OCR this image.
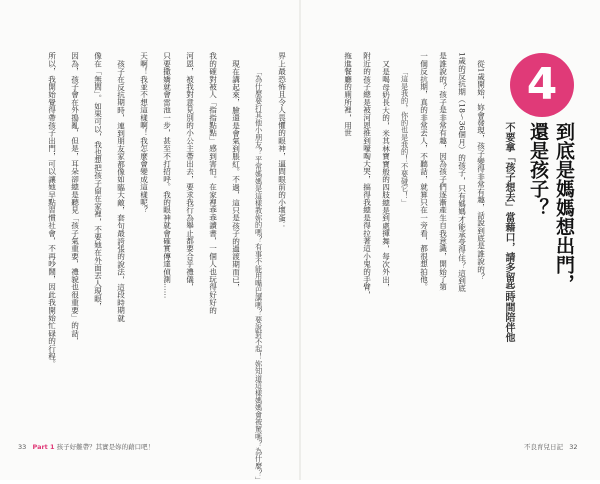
從1歲開始，妳會發現，孩子變得非常有趣，話說到底是誰說的？
1歲的反抗期（18～36個月）的孩子，只有媽媽才能承受得住？這到底
是誰說的？孩子是非常有趣，因為孩子們逐漸產生自我意識，開始了第
一個反抗期，真的非常丟人，不聽話，就算只在一旁看，都很想拍他。
「這是我的，你的也是我的！不要碰它！」
又是喝母奶長大的，米其林寶寶般的四肢總是到處揮舞，每次外出，
附近的孩子總是被河恩推到嚎啕大哭，搞得我總是得拉著這小鬼的手臂，
拖進餐廳的廁所裡，用世	4
到底是媽媽想出門，
還是孩子？
不要拿「孩子想去」當藉口，請多留些時間陪伴他
界上最恐怖且令人畏懼的眼神，逼問眼前的小壞蛋：
「為什麼要打其他小朋友？平常媽媽是這樣教妳的嗎？有事不能用嘴巴講嗎？要說對不起！妳知道這樣媽媽會被罵嗎？為什麼？」
現在講起來，臉還是會氣到脹紅。不過，這只是孩子的過渡期而已，
我的確對被人「指指點點」感到害怕。在家裡乖乖讀書，一個人也玩得好好的
河恩，被我對意見別的小公主帶出去，要求我行為舉止都要合乎禮儀，
只要撒嬌就會雷池一步，甚至不打招呼。我的眼神就會確實傳達偵測……
天啊！我並不想這樣啊！我怎麼會變成這樣呢？
孩子在反抗期時，連到朋友家都像如臨大敵，套句最誇張的說法，這段時期就
像在「無間」。如果可以，我也想把孩子留在家裡，不要她在外面丟人現眼，
因為，孩子會在外搗亂，但是，耳朵卻總是聽見「孩子氣重要，禮貌也很重要」的話，
所以，我開始覺得帶孩子出門，可以讓她早點習慣社會，不再吵鬧，因此我開始忙碌的行程。
33 Part 1 孩子好難帶？其實是妳的藉口吧！	不良育兒日記 32
